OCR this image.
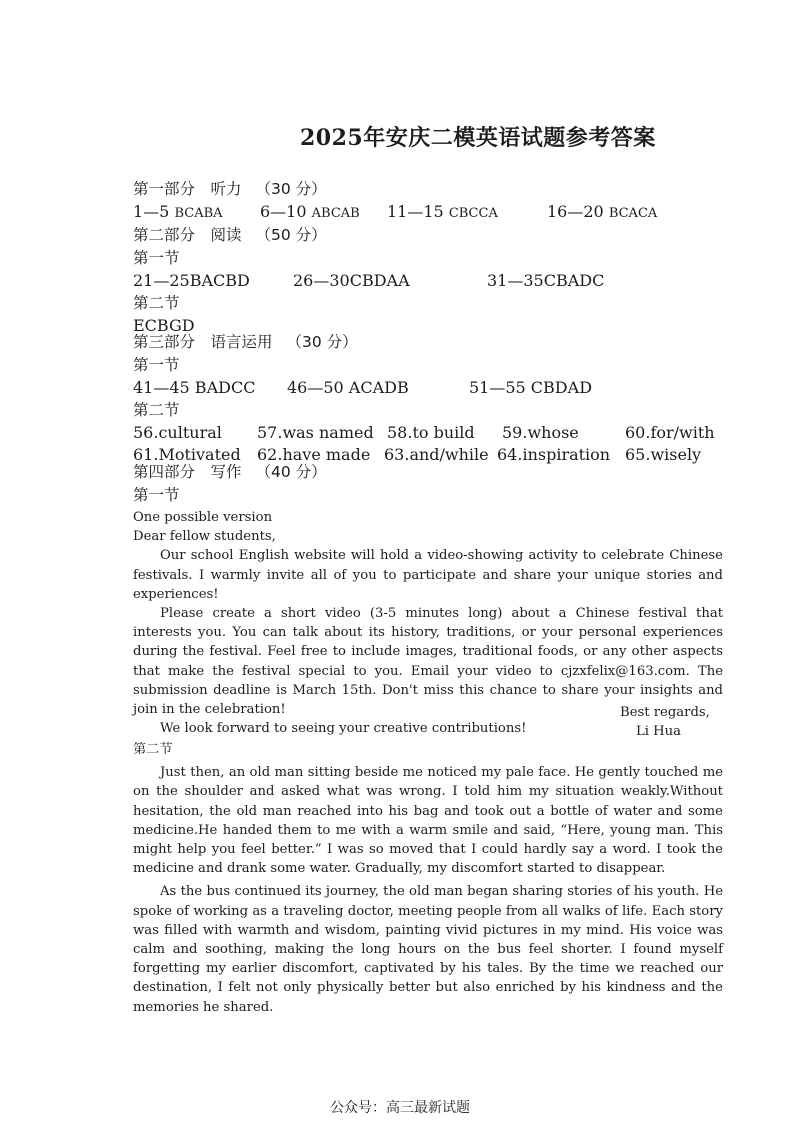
2025年安庆二模英语试题参考答案
第一部分　听力 （30 分）
1—5 BCABA 6—10 ABCAB 11—15 CBCCA	16—20 BCACA
第二部分　阅读 （50 分）
第一节
21—25BACBD	26—30CBDAA	31—35CBADC
第二节
ECBGD
第三部分　语言运用 （30 分）
第一节
41—45 BADCC 46—50 ACADB	51—55 CBDAD
第二节
56.cultural 57.was named 58.to build 59.whose	60.for/with
61.Motivated 62.have made 63.and/while 64.inspiration 65.wisely
第四部分　写作 （40 分）
第一节

One possible version

Dear fellow students,

Our school English website will hold a video-showing activity to celebrate Chinese festivals. I warmly invite all of you to participate and share your unique stories and experiences!

Please create a short video (3-5 minutes long) about a Chinese festival that interests you. You can talk about its history, traditions, or your personal experiences during the festival. Feel free to include images, traditional foods, or any other aspects that make the festival special to you. Email your video to cjzxfelix@163.com. The submission deadline is March 15th. Don't miss this chance to share your insights and join in the celebration!

We look forward to seeing your creative contributions!

Best regards,
Li Hua

第二节

Just then, an old man sitting beside me noticed my pale face. He gently touched me on the shoulder and asked what was wrong. I told him my situation weakly.Without hesitation, the old man reached into his bag and took out a bottle of water and some medicine.He handed them to me with a warm smile and said, “Here, young man. This might help you feel better.” I was so moved that I could hardly say a word. I took the medicine and drank some water. Gradually, my discomfort started to disappear.

As the bus continued its journey, the old man began sharing stories of his youth. He spoke of working as a traveling doctor, meeting people from all walks of life. Each story was filled with warmth and wisdom, painting vivid pictures in my mind. His voice was calm and soothing, making the long hours on the bus feel shorter. I found myself forgetting my earlier discomfort, captivated by his tales. By the time we reached our destination, I felt not only physically better but also enriched by his kindness and the memories he shared.

公众号：高三最新试题
